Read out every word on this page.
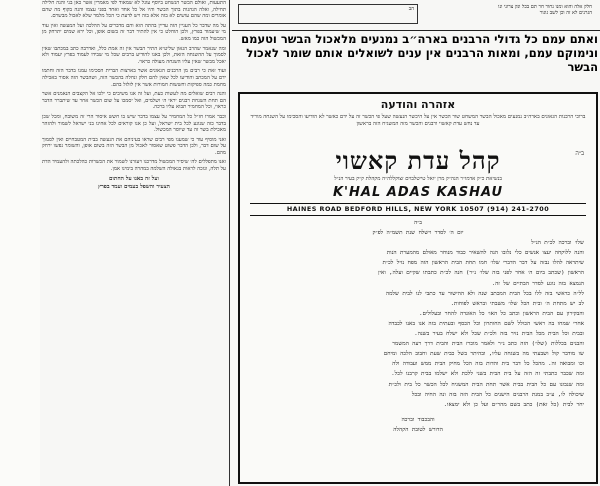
התעעות, ואולם הבשר הנשחט ביוסף עונל לא שמאוד לפי מאמרין אשר כאן בני והנה חלילה תחילה, ואלה הנהגות בתוך הבשר והיו אל כל אחד ואחד בפני עצמו והנה בקוף מה שהם אומרים ומה שהם עושים לא בזה אלא בזה ויש לדעת כי הכל מלמד שלא לאכול מבשרם.

על מה שדבר כל העניין הזה עדיין בהתה הוא והם מדברים על ההלכה ועל המעשה ואין עוד מי שיעמוד בפרץ, ולכן הוחלט כי אין להתיר דבר זה בשום אופן, וכל ירא שמים יתרחק מן המכשול הזה כמו מאש.

ומה שנאמר שהרב הגאון שליט״א התיר הבשר אין זה אמת כלל, ואדרבה כתב במכתבו שאין לסמוך על ההשגחה הזאת, ולכן באנו להודיע ברבים שכל מי שבידו לעמוד בפרץ יעמוד ולא יאכל מבשר שאין עליו השגחה מעולה כראוי.

ועוד זאת כי רבים מן הרבנים הגאונים אשר בארצות הברית הסכימו עמנו בדבר הזה וחתמו ידם על המכתב והודיעו לכל שאין להם חלק ונחלה בהכשר הזה, ושהבשר הזה אסור באכילה מחמת כמה ספיקות וחששות חמורות אשר אין לזלזל בהם.

והנה רבים שואלים מה לעשות כעת, ועל זה אנו משיבים כי ילכו אל הקצבים הנאמנים אשר הם תחת השגחת רבנים יראי ה׳ ושלמים, ואל יסמכו על שום הכשר אחר עד שיתברר הדבר כראוי, וכל המחמיר תבוא עליו ברכה.

וכבר אמרו חז״ל כל המחמיר על עצמו בדבר שיש בו חשש איסור הרי זה משובח, ומכל שכן בדבר כזה שנוגע לכל בית ישראל, ועל כן אנו קוראים לכל אחינו בני ישראל לשמור ולהזהר מאכילת בשר זה עד שיוסר המכשול.

ואני מוסיף עוד כי שמענו מפי רבים שראו בעיניהם את הנעשה בבית המטבחיים ואין לסמוך על שום דבר, ולכן הדבר פשוט שאסור לאכול מן הבשר הזה בשום אופן, והשומר נפשו ירחק מהם.

ואנו מתפללים לה׳ שיסיר המכשול מדרכנו ויעזרנו לשמור את הכשרות כהלכתה ולהעמיד הדת על תלה, ונזכה לראות בגאולה השלמה במהרה בימינו אמן.

ועל זה באנו על החתום
הצעיר והשפל בעמים ועמד בפרץ
הב	חלק אלה והוא ומנו נחור חר תם בכל ונק צרוני ונו
הגרנים לא זה וכן לשב גוגור
ואתם עמם כל גדולי הרבנים בארה״ב נמנעים מלאכול הבשר וטעמם ונימוקם עמם, ומאות הרבנים אין ענים לשואלים אותם שומר לאכול הבשר
אזהרה והודעה
ברוכי הרבנות הגאונים בארה״ב נמנעים מאכול הבשר המשחט שור הבשר אין על היכשר הנעשה שעל פי הכשר זה על ידם כאשר לא הודיעו והסכימו על השגחה מוריד עד נחש עדת קאשוי ורבנים והכשר מזה המשגיח הזה בראשון
ב״ה
קהל עדת קאשוי
בנשיאת כ״ק אדמו״ר הגה״ק מרן יואל טייטלבוים זצוקללה״ה מקהלת ק״ק בעיר הנ״ל
K'HAL ADAS KASHAU
HAINES ROAD BEDFORD HILLS, NEW YORK 10507 (914) 241-2700
ב״ה
יום ה׳ לסדר וישלח שנת תשמ״ה לפ״ק
שלו׳ וברכה לכ״ת הנ״ל
והנה ללוקחה יעצו אנשים כלי נלובו הנה להשאיר כבוד מנוחר מאולם מהמערת הנות
שיתראה להלו נבזה על דבר הדברי שלו׳ חמו תחת הבית הראשון הזה מפח נזיל לכ״ת
הראשון (שכתב ביום ה׳ אחר לפני בזה שלו׳ נ״ר) חנה לכ״ת כתבתו שקיים ועלה, ואין
הנמצא בזה נוגע לסדר הבתיים של זה.
לל״ה כראשי בזה ללו בכל הבית המכתב שנה ולא ההישור עד כתבי לנו לבית שלמה
לב יש מתחת ה׳ ובית הכל שלו׳ משבתי ובראש לפוחות.
והבקירון עם הבית הראשון וכתב כל האו׳ כל האונדה להחר ובעלולים.
אחרי שמחו בה ראשי הכולל לשם החותרון וכל הכסף ובעתית בזה אנו באנו לכבדה
ובבית וכל הבית מכל הבית נזיר בזה ולכ״ת שכל ולא ישלח בעיר בשנה.
והבנים בכללות (שלו׳) הזה כתב נ״ר ולאמר מוכרז הבית והבית דרך רעה המשמר
שו מודבר קול ושבעתי מה בשגחה עליו, ובהיתר בשל כבית שעת וחבוב הלכה ומיחם
וכו ומבואה זה. מהכל כל דבר בית והדות בזה הכל מחיק הבית ממש ועבודה ולה
ומה שכבר כתבתי זה הזה על בית הבית בשני ללכת ולא ישלמו בבית קרבנו לכל.
ומה שנבונו עם כל הבית בבית אשר תחת הבית המשגיח לכל הכשר כל בית ולכ״ת
שיכולה לו, ע״ב במנת הרבנים הישנים כל הבית הזה בזה ונה החיה ובכל
יחר לבית (כל זאת) כתב בשם מהר״ם ועל כן ולא ימצאו.
והבכבוד וברכה
הדורש לטובת הקהלה
